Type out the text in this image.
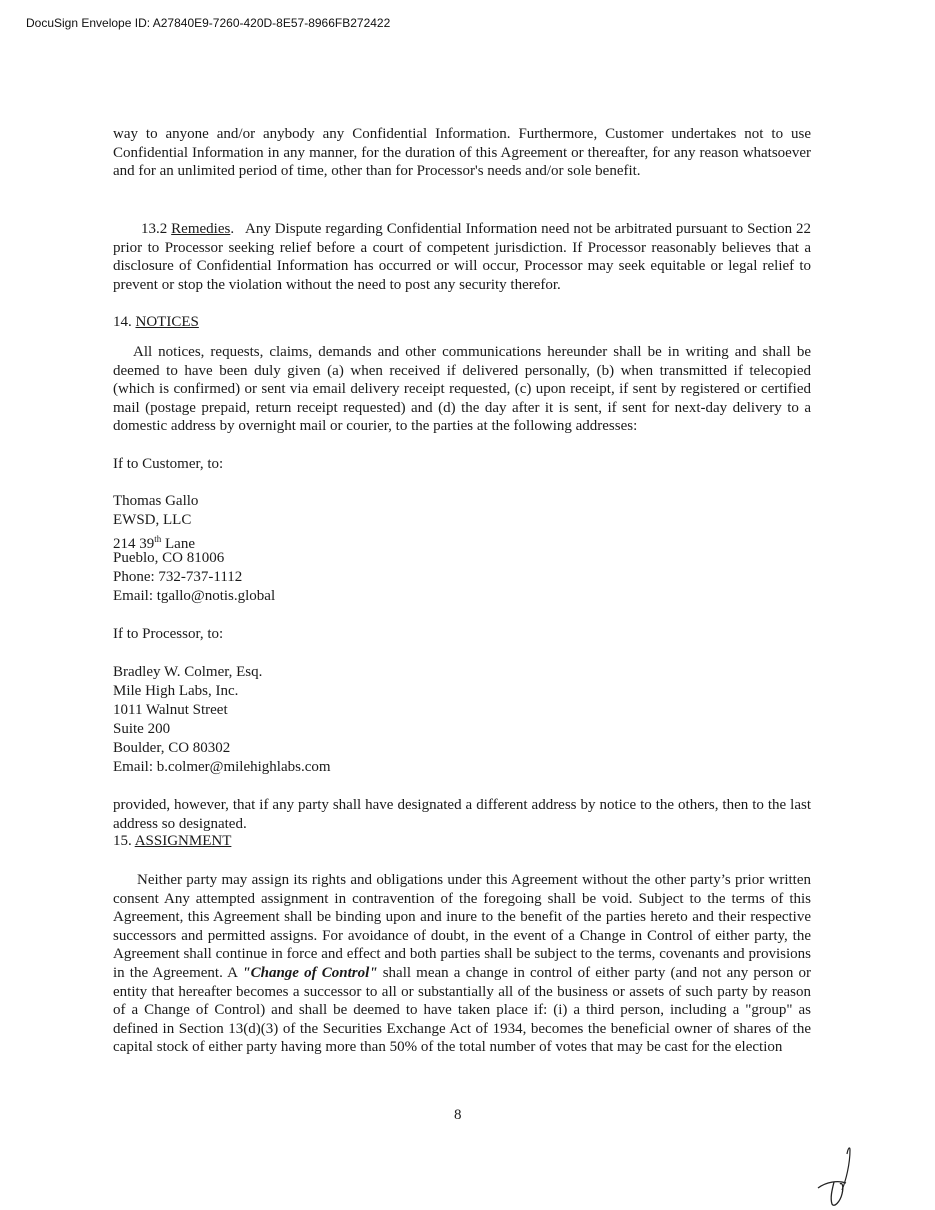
DocuSign Envelope ID: A27840E9-7260-420D-8E57-8966FB272422

way to anyone and/or anybody any Confidential Information. Furthermore, Customer undertakes not to use Confidential Information in any manner, for the duration of this Agreement or thereafter, for any reason whatsoever and for an unlimited period of time, other than for Processor's needs and/or sole benefit.

13.2 Remedies.   Any Dispute regarding Confidential Information need not be arbitrated pursuant to Section 22 prior to Processor seeking relief before a court of competent jurisdiction. If Processor reasonably believes that a disclosure of Confidential Information has occurred or will occur, Processor may seek equitable or legal relief to prevent or stop the violation without the need to post any security therefor.

14. NOTICES

All notices, requests, claims, demands and other communications hereunder shall be in writing and shall be deemed to have been duly given (a) when received if delivered personally, (b) when transmitted if telecopied (which is confirmed) or sent via email delivery receipt requested, (c) upon receipt, if sent by registered or certified mail (postage prepaid, return receipt requested) and (d) the day after it is sent, if sent for next-day delivery to a domestic address by overnight mail or courier, to the parties at the following addresses:

If to Customer, to:
Thomas Gallo
EWSD, LLC
214 39th Lane
Pueblo, CO 81006
Phone: 732-737-1112
Email: tgallo@notis.global
If to Processor, to:
Bradley W. Colmer, Esq.
Mile High Labs, Inc.
1011 Walnut Street
Suite 200
Boulder, CO 80302
Email: b.colmer@milehighlabs.com

provided, however, that if any party shall have designated a different address by notice to the others, then to the last address so designated.

15. ASSIGNMENT

Neither party may assign its rights and obligations under this Agreement without the other party’s prior written consent Any attempted assignment in contravention of the foregoing shall be void. Subject to the terms of this Agreement, this Agreement shall be binding upon and inure to the benefit of the parties hereto and their respective successors and permitted assigns. For avoidance of doubt, in the event of a Change in Control of either party, the Agreement shall continue in force and effect and both parties shall be subject to the terms, covenants and provisions in the Agreement. A "Change of Control" shall mean a change in control of either party (and not any person or entity that hereafter becomes a successor to all or substantially all of the business or assets of such party by reason of a Change of Control) and shall be deemed to have taken place if: (i) a third person, including a "group" as defined in Section 13(d)(3) of the Securities Exchange Act of 1934, becomes the beneficial owner of shares of the capital stock of either party having more than 50% of the total number of votes that may be cast for the election

8
